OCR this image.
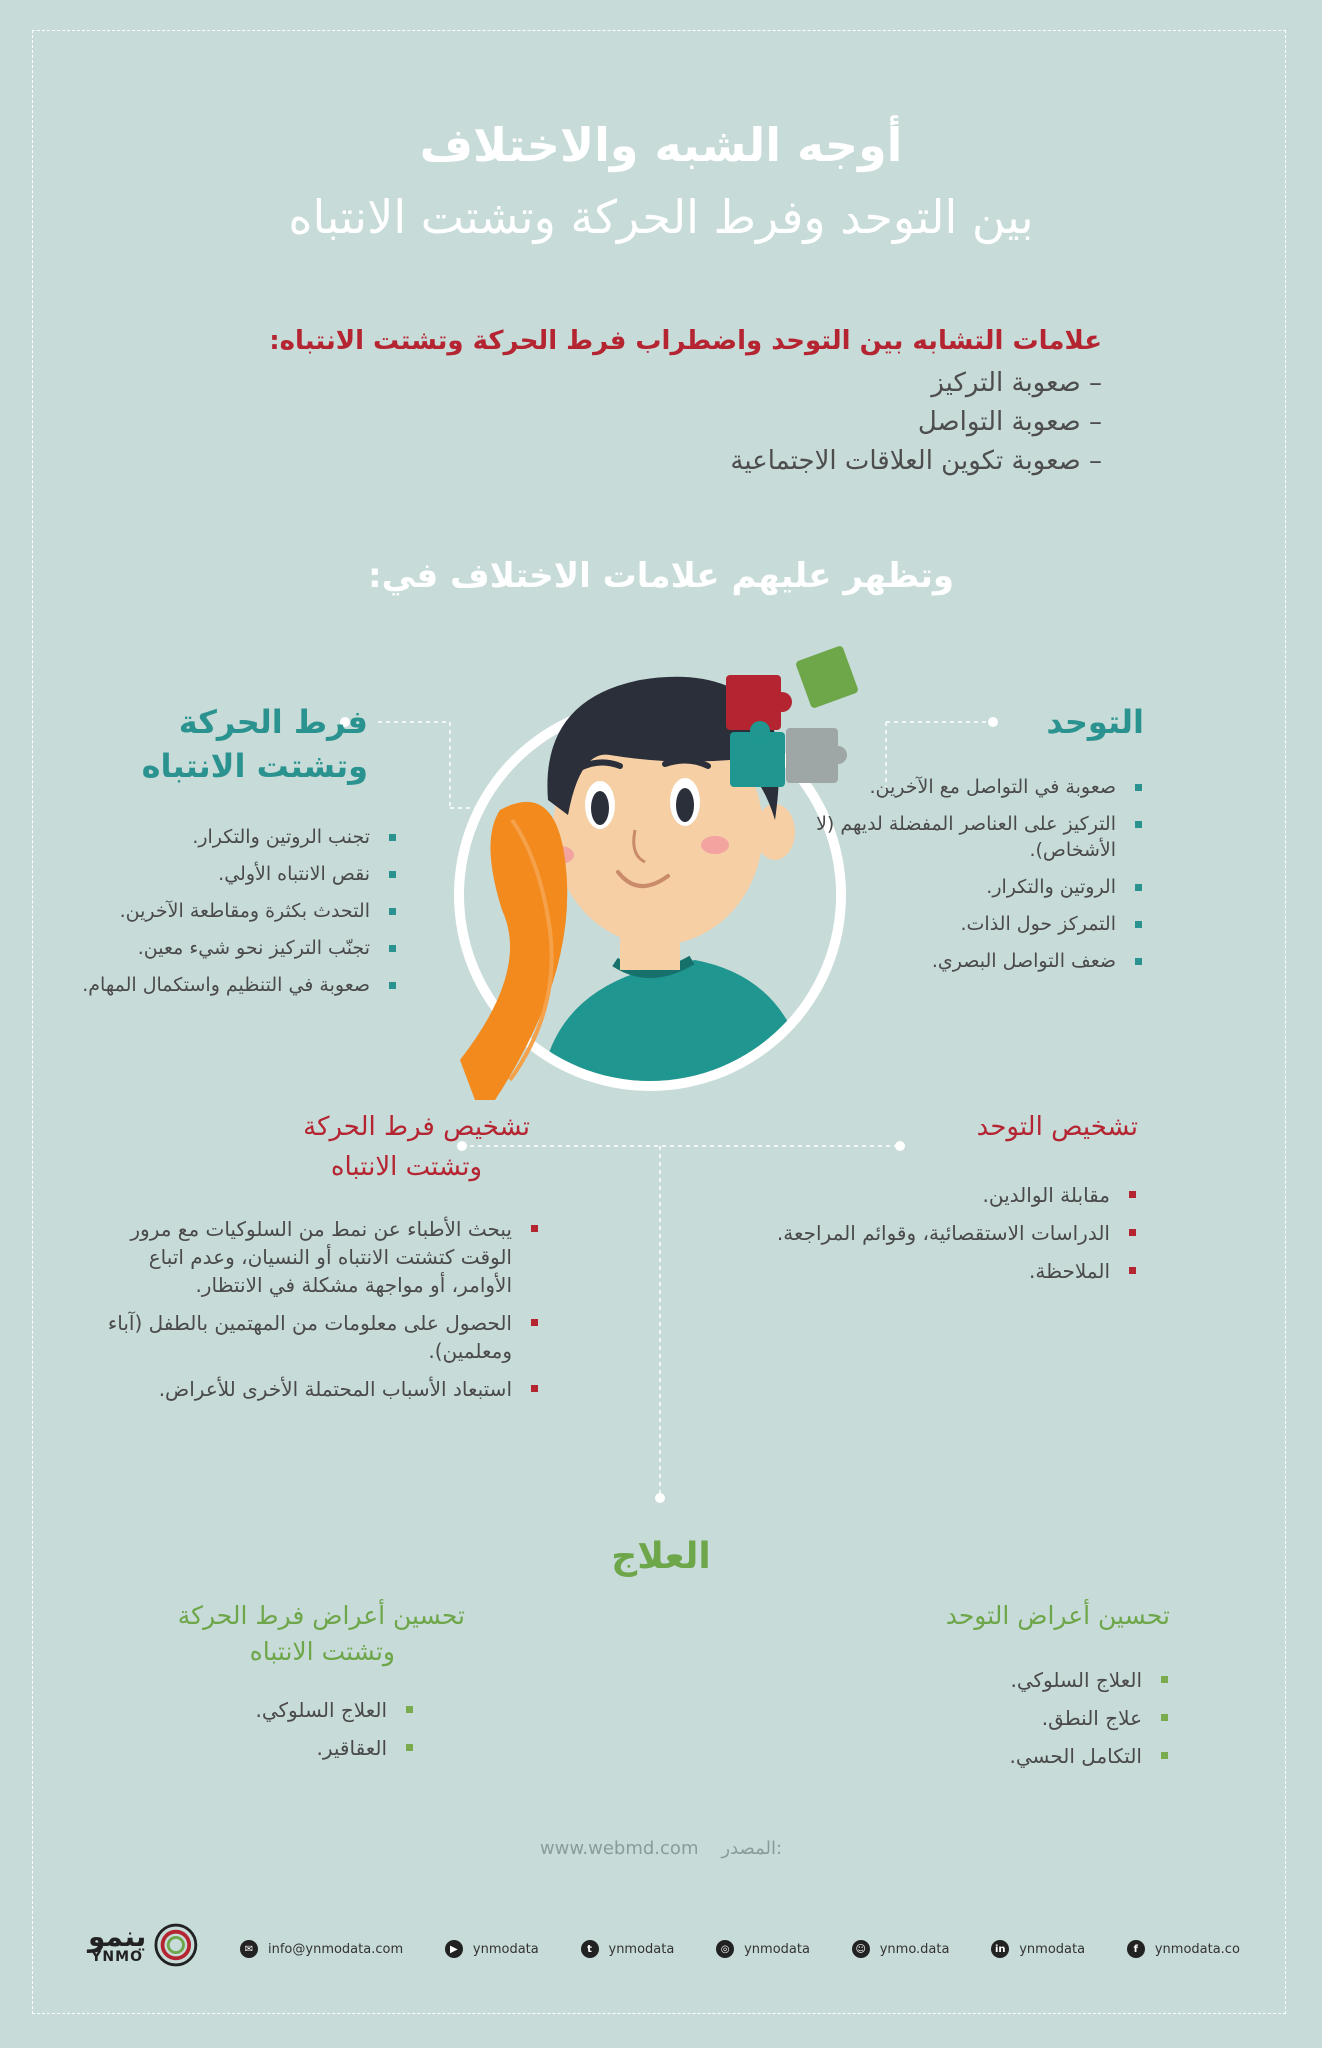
أوجه الشبه والاختلاف
بين التوحد وفرط الحركة وتشتت الانتباه
علامات التشابه بين التوحد واضطراب فرط الحركة وتشتت الانتباه:
– صعوبة التركيز
– صعوبة التواصل
– صعوبة تكوين العلاقات الاجتماعية
وتظهر عليهم علامات الاختلاف في:
التوحد
صعوبة في التواصل مع الآخرين.
التركيز على العناصر المفضلة لديهم (لا الأشخاص).
الروتين والتكرار.
التمركز حول الذات.
ضعف التواصل البصري.
فرط الحركة
وتشتت الانتباه
تجنب الروتين والتكرار.
نقص الانتباه الأولي.
التحدث بكثرة ومقاطعة الآخرين.
تجنّب التركيز نحو شيء معين.
صعوبة في التنظيم واستكمال المهام.
تشخيص التوحد
مقابلة الوالدين.
الدراسات الاستقصائية، وقوائم المراجعة.
الملاحظة.
تشخيص فرط الحركة
وتشتت الانتباه
يبحث الأطباء عن نمط من السلوكيات مع مرور الوقت كتشتت الانتباه أو النسيان، وعدم اتباع الأوامر، أو مواجهة مشكلة في الانتظار.
الحصول على معلومات من المهتمين بالطفل (آباء ومعلمين).
استبعاد الأسباب المحتملة الأخرى للأعراض.
العلاج
تحسين أعراض التوحد
العلاج السلوكي.
علاج النطق.
التكامل الحسي.
تحسين أعراض فرط الحركة
وتشتت الانتباه
العلاج السلوكي.
العقاقير.
www.webmd.com المصدر:
ينمو
YNMO	✉	info@ynmodata.com	▶	ynmodata	t	ynmodata	◎	ynmodata	☺ ynmo.data	in ynmodata	f	ynmodata.co
